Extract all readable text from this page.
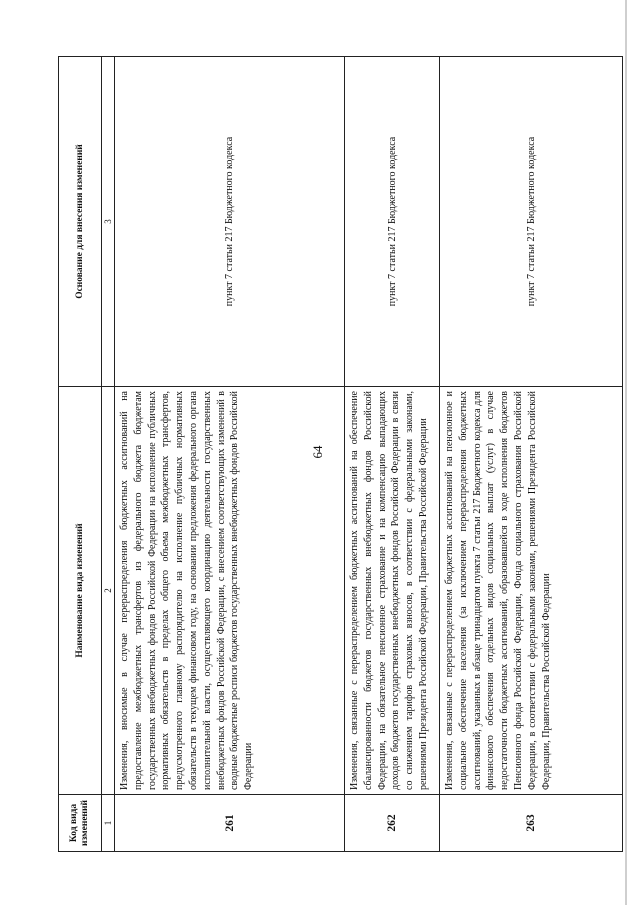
64
Код вида изменений	Наименование вида изменений	Основание для внесения изменений
1	2	3
261	Изменения, вносимые в случае перераспределения бюджетных ассигнований на предоставление межбюджетных трансфертов из федерального бюджета бюджетам государственных внебюджетных фондов Российской Федерации на исполнение публичных нормативных обязательств в пределах общего объема межбюджетных трансфертов, предусмотренного главному распорядителю на исполнение публичных нормативных обязательств в текущем финансовом году, на основании предложения федерального органа исполнительной власти, осуществляющего координацию деятельности государственных внебюджетных фондов Российской Федерации, с внесением соответствующих изменений в сводные бюджетные росписи бюджетов государственных внебюджетных фондов Российской Федерации	пункт 7 статьи 217 Бюджетного кодекса
262	Изменения, связанные с перераспределением бюджетных ассигнований на обеспечение сбалансированности бюджетов государственных внебюджетных фондов Российской Федерации, на обязательное пенсионное страхование и на компенсацию выпадающих доходов бюджетов государственных внебюджетных фондов Российской Федерации в связи со снижением тарифов страховых взносов, в соответствии с федеральными законами, решениями Президента Российской Федерации, Правительства Российской Федерации	пункт 7 статьи 217 Бюджетного кодекса
263	Изменения, связанные с перераспределением бюджетных ассигнований на пенсионное и социальное обеспечение населения (за исключением перераспределения бюджетных ассигнований, указанных в абзаце тринадцатом пункта 7 статьи 217 Бюджетного кодекса для финансового обеспечения отдельных видов социальных выплат (услуг) в случае недостаточности бюджетных ассигнований, образовавшейся в ходе исполнения бюджетов Пенсионного фонда Российской Федерации, Фонда социального страхования Российской Федерации, в соответствии с федеральными законами, решениями Президента Российской Федерации, Правительства Российской Федерации	пункт 7 статьи 217 Бюджетного кодекса
